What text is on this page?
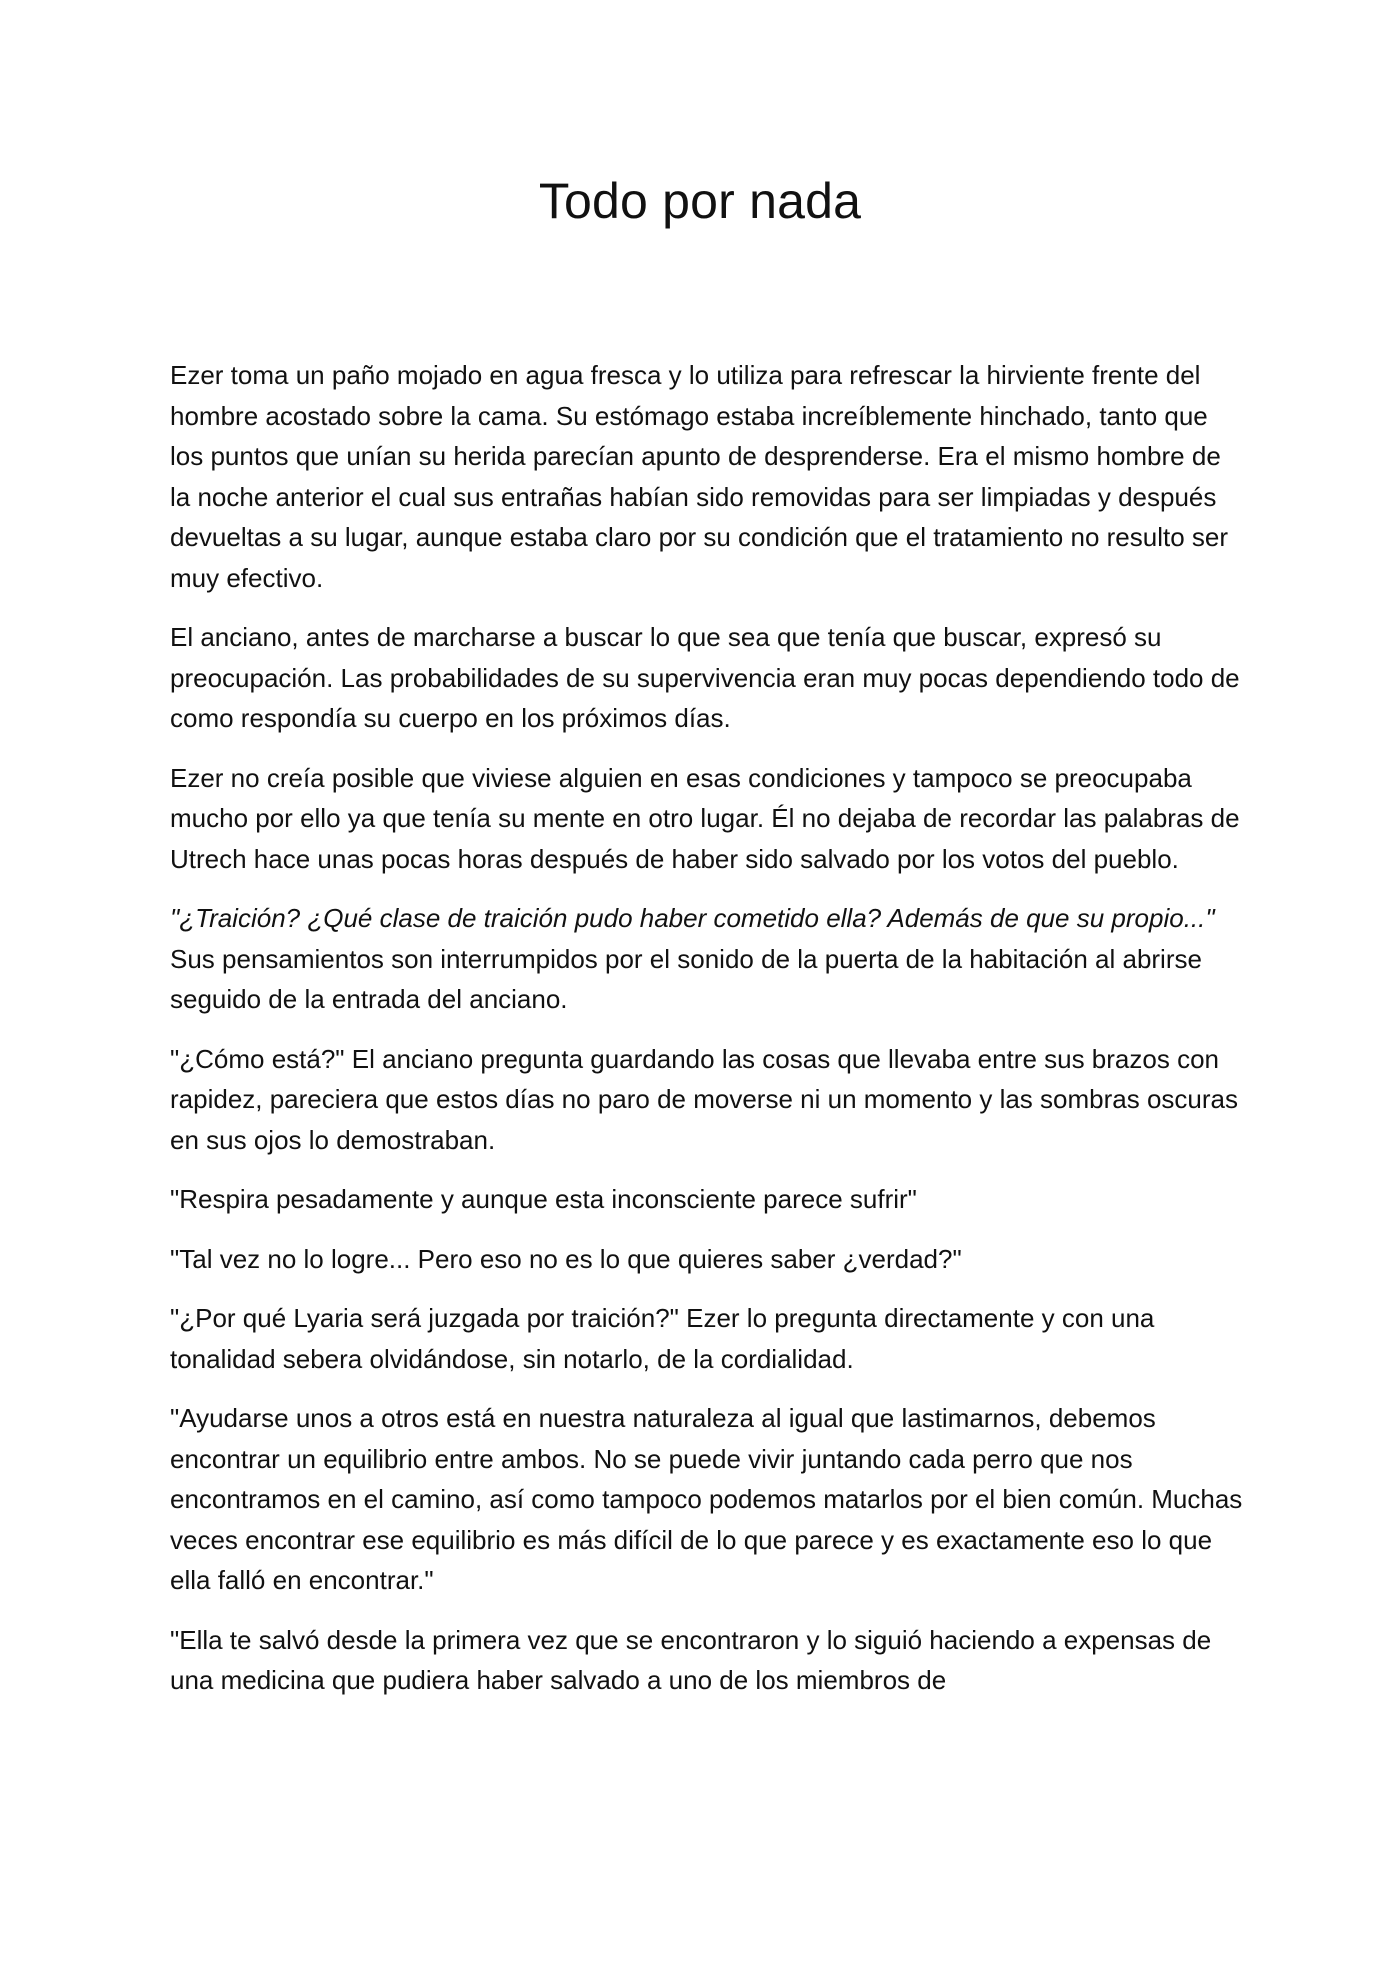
Todo por nada

Ezer toma un paño mojado en agua fresca y lo utiliza para refrescar la hirviente frente del hombre acostado sobre la cama. Su estómago estaba increíblemente hinchado, tanto que los puntos que unían su herida parecían apunto de desprenderse. Era el mismo hombre de la noche anterior el cual sus entrañas habían sido removidas para ser limpiadas y después devueltas a su lugar, aunque estaba claro por su condición que el tratamiento no resulto ser muy efectivo.

El anciano, antes de marcharse a buscar lo que sea que tenía que buscar, expresó su preocupación. Las probabilidades de su supervivencia eran muy pocas dependiendo todo de como respondía su cuerpo en los próximos días.

Ezer no creía posible que viviese alguien en esas condiciones y tampoco se preocupaba mucho por ello ya que tenía su mente en otro lugar. Él no dejaba de recordar las palabras de Utrech hace unas pocas horas después de haber sido salvado por los votos del pueblo.

"¿Traición? ¿Qué clase de traición pudo haber cometido ella? Además de que su propio..." Sus pensamientos son interrumpidos por el sonido de la puerta de la habitación al abrirse seguido de la entrada del anciano.

"¿Cómo está?" El anciano pregunta guardando las cosas que llevaba entre sus brazos con rapidez, pareciera que estos días no paro de moverse ni un momento y las sombras oscuras en sus ojos lo demostraban.

"Respira pesadamente y aunque esta inconsciente parece sufrir"

"Tal vez no lo logre... Pero eso no es lo que quieres saber ¿verdad?"

"¿Por qué Lyaria será juzgada por traición?" Ezer lo pregunta directamente y con una tonalidad sebera olvidándose, sin notarlo, de la cordialidad.

"Ayudarse unos a otros está en nuestra naturaleza al igual que lastimarnos, debemos encontrar un equilibrio entre ambos. No se puede vivir juntando cada perro que nos encontramos en el camino, así como tampoco podemos matarlos por el bien común. Muchas veces encontrar ese equilibrio es más difícil de lo que parece y es exactamente eso lo que ella falló en encontrar."

"Ella te salvó desde la primera vez que se encontraron y lo siguió haciendo a expensas de una medicina que pudiera haber salvado a uno de los miembros de
